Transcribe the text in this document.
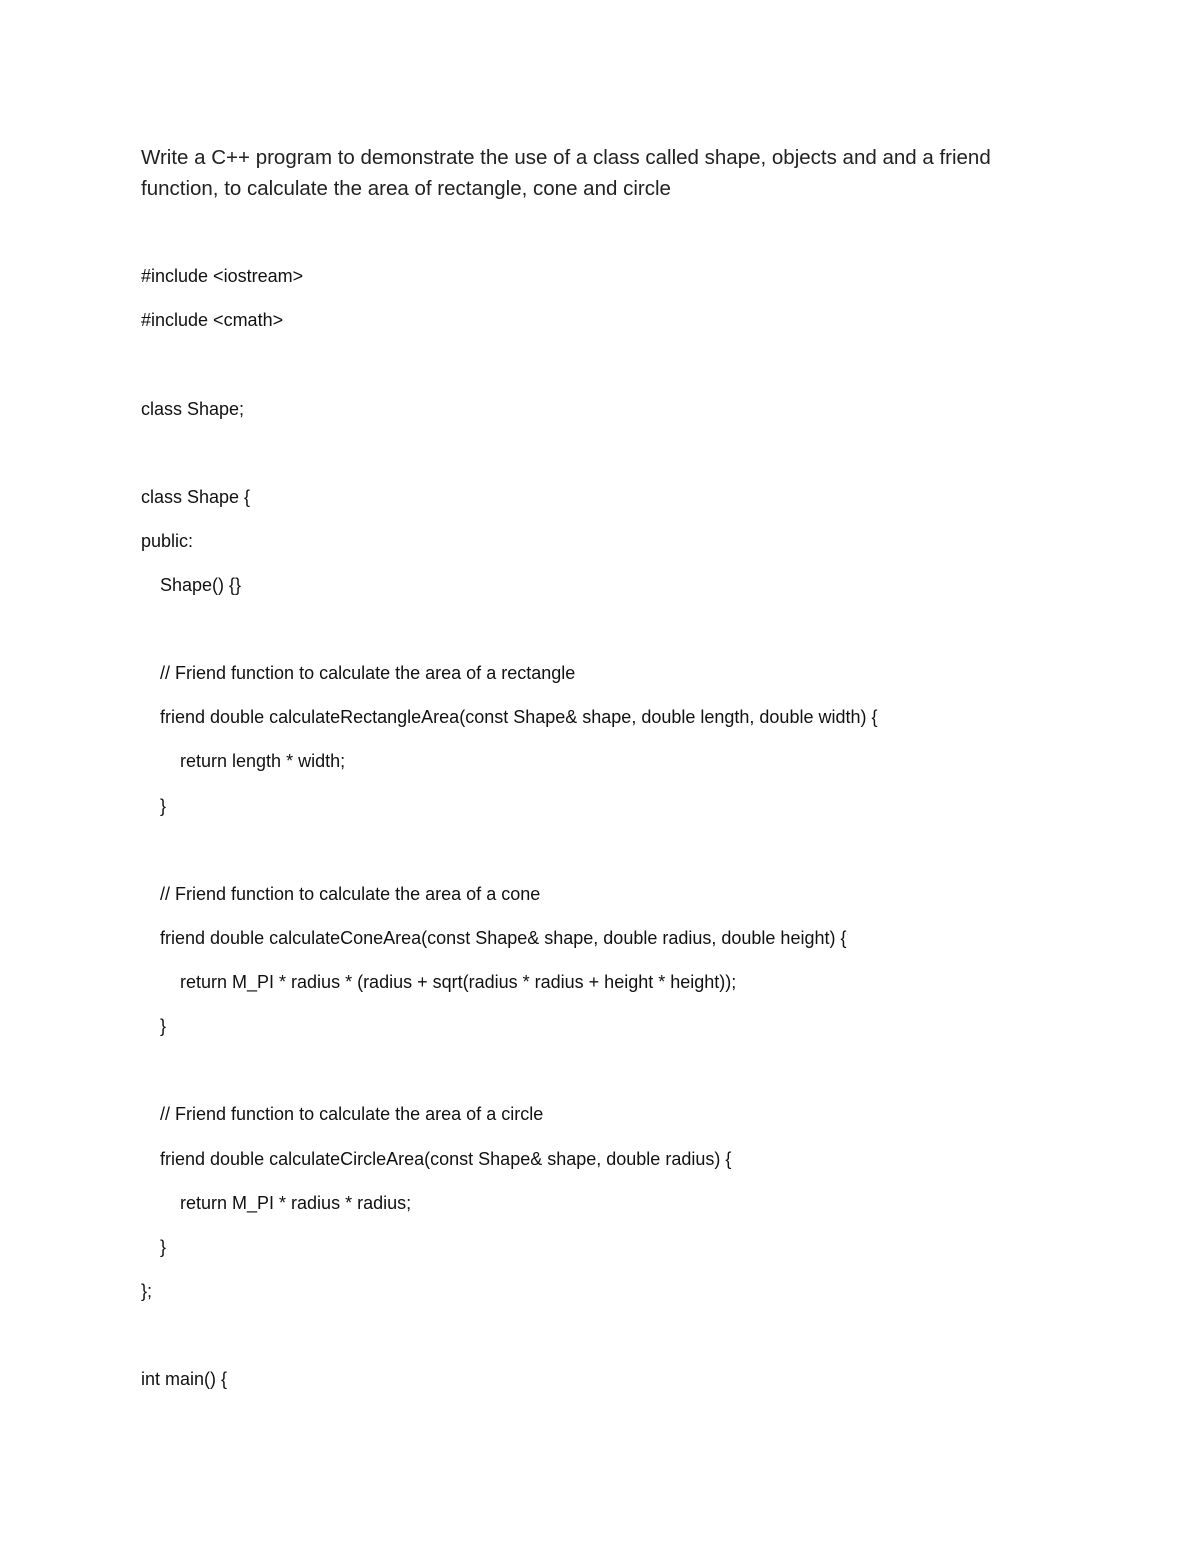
Write a C++ program to demonstrate the use of a class called shape, objects and and a friend
function, to calculate the area of rectangle, cone and circle
#include <iostream>
#include <cmath>
class Shape;
class Shape {
public:
Shape() {}
// Friend function to calculate the area of a rectangle
friend double calculateRectangleArea(const Shape& shape, double length, double width) {
return length * width;
}
// Friend function to calculate the area of a cone
friend double calculateConeArea(const Shape& shape, double radius, double height) {
return M_PI * radius * (radius + sqrt(radius * radius + height * height));
}
// Friend function to calculate the area of a circle
friend double calculateCircleArea(const Shape& shape, double radius) {
return M_PI * radius * radius;
}
};
int main() {
